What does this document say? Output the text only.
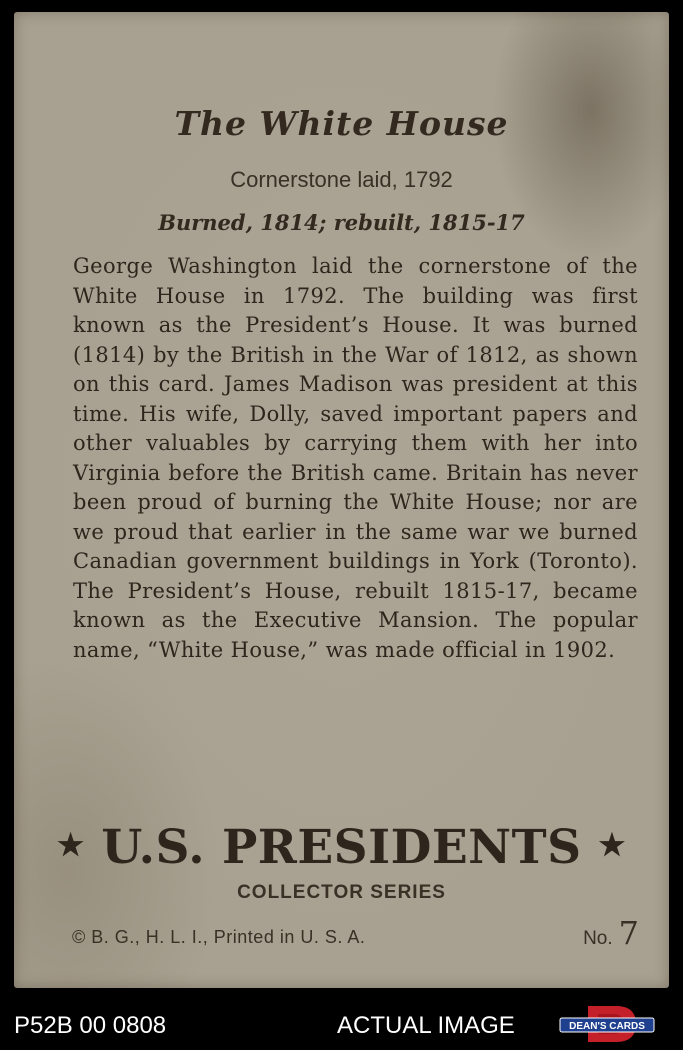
The White House
Cornerstone laid, 1792
Burned, 1814; rebuilt, 1815-17
George Washington laid the cornerstone of the White House in 1792. The building was first known as the President’s House. It was burned (1814) by the British in the War of 1812, as shown on this card. James Madison was president at this time. His wife, Dolly, saved important papers and other valuables by carrying them with her into Virginia before the British came. Britain has never been proud of burning the White House; nor are we proud that earlier in the same war we burned Canadian government buildings in York (Toronto). The President’s House, rebuilt 1815-17, became known as the Executive Mansion. The popular name, “White House,” was made official in 1902.
★ U.S. PRESIDENTS ★
COLLECTOR SERIES
© B. G., H. L. I., Printed in U. S. A.	No. 7
P52B 00 0808	ACTUAL IMAGE	DEAN'S CARDS
